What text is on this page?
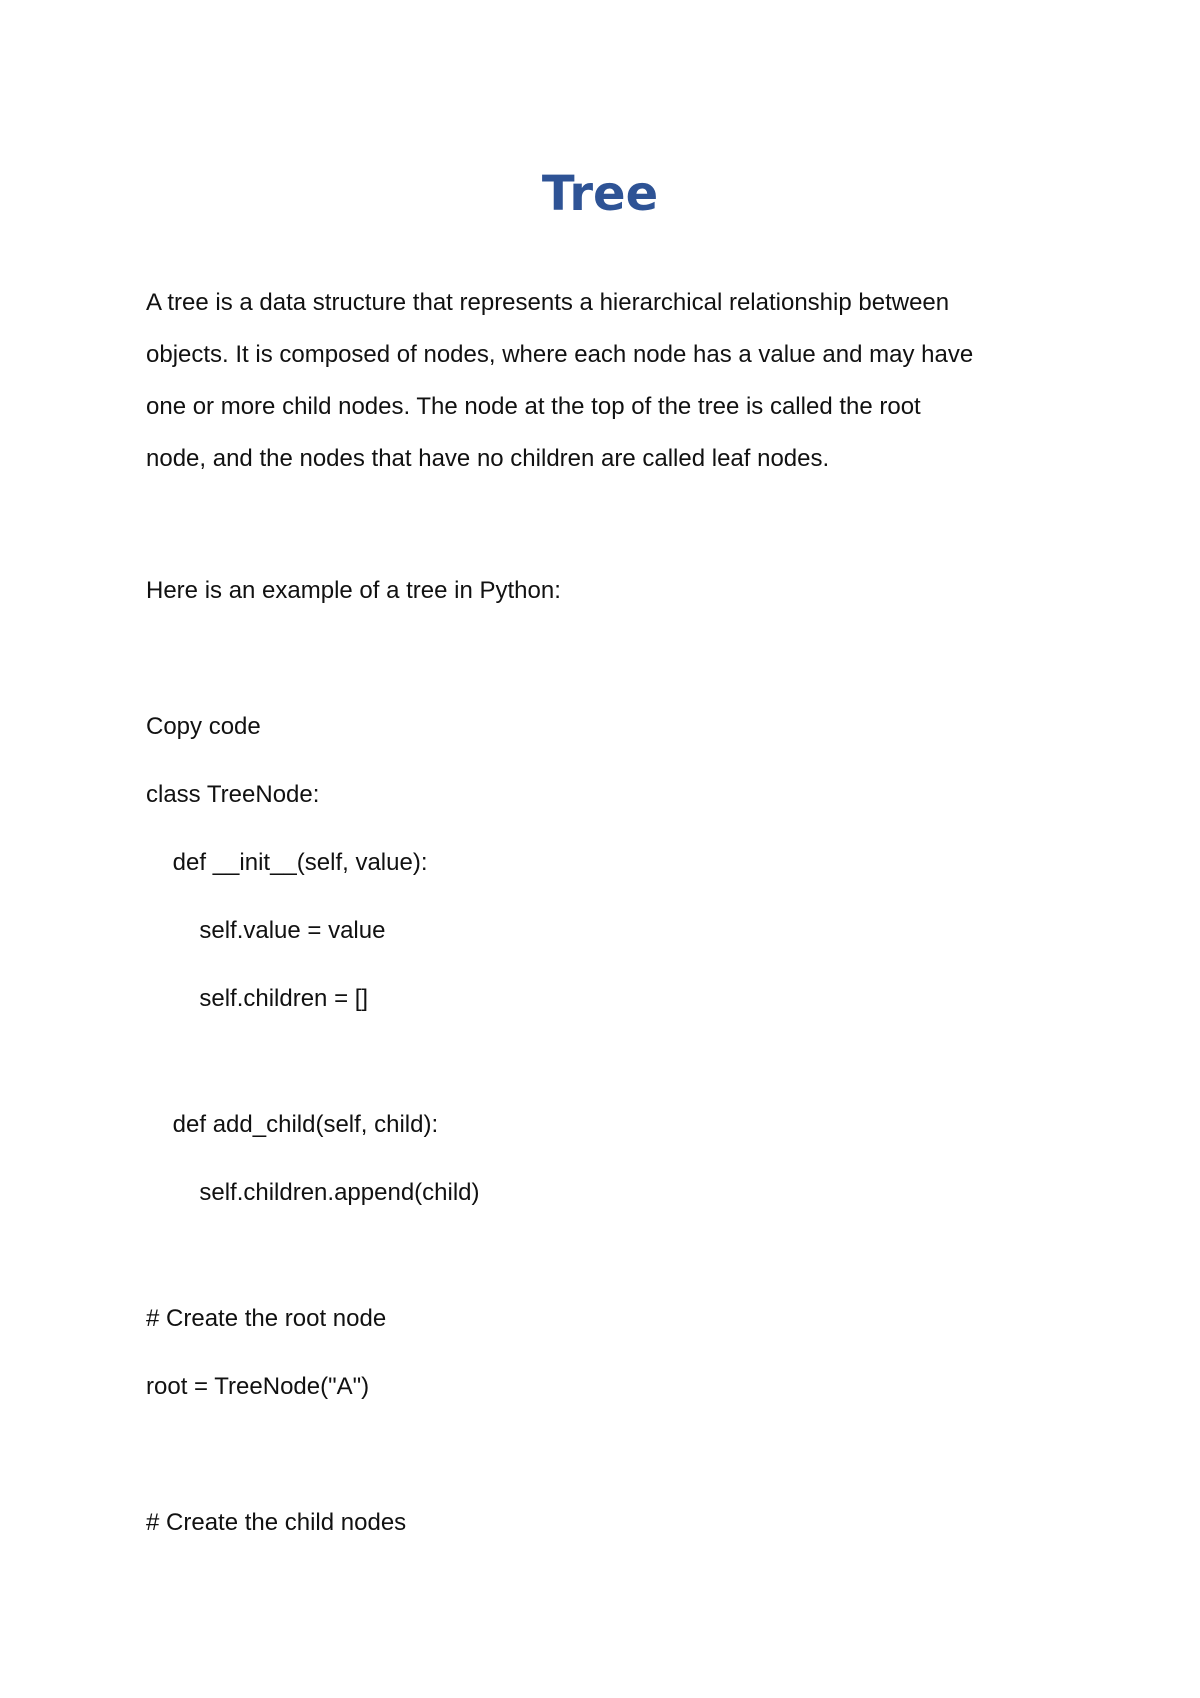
Tree

A tree is a data structure that represents a hierarchical relationship between
objects. It is composed of nodes, where each node has a value and may have
one or more child nodes. The node at the top of the tree is called the root
node, and the nodes that have no children are called leaf nodes.

Here is an example of a tree in Python:

Copy code

class TreeNode:

def __init__(self, value):

self.value = value

self.children = []

def add_child(self, child):

self.children.append(child)

# Create the root node

root = TreeNode("A")

# Create the child nodes
